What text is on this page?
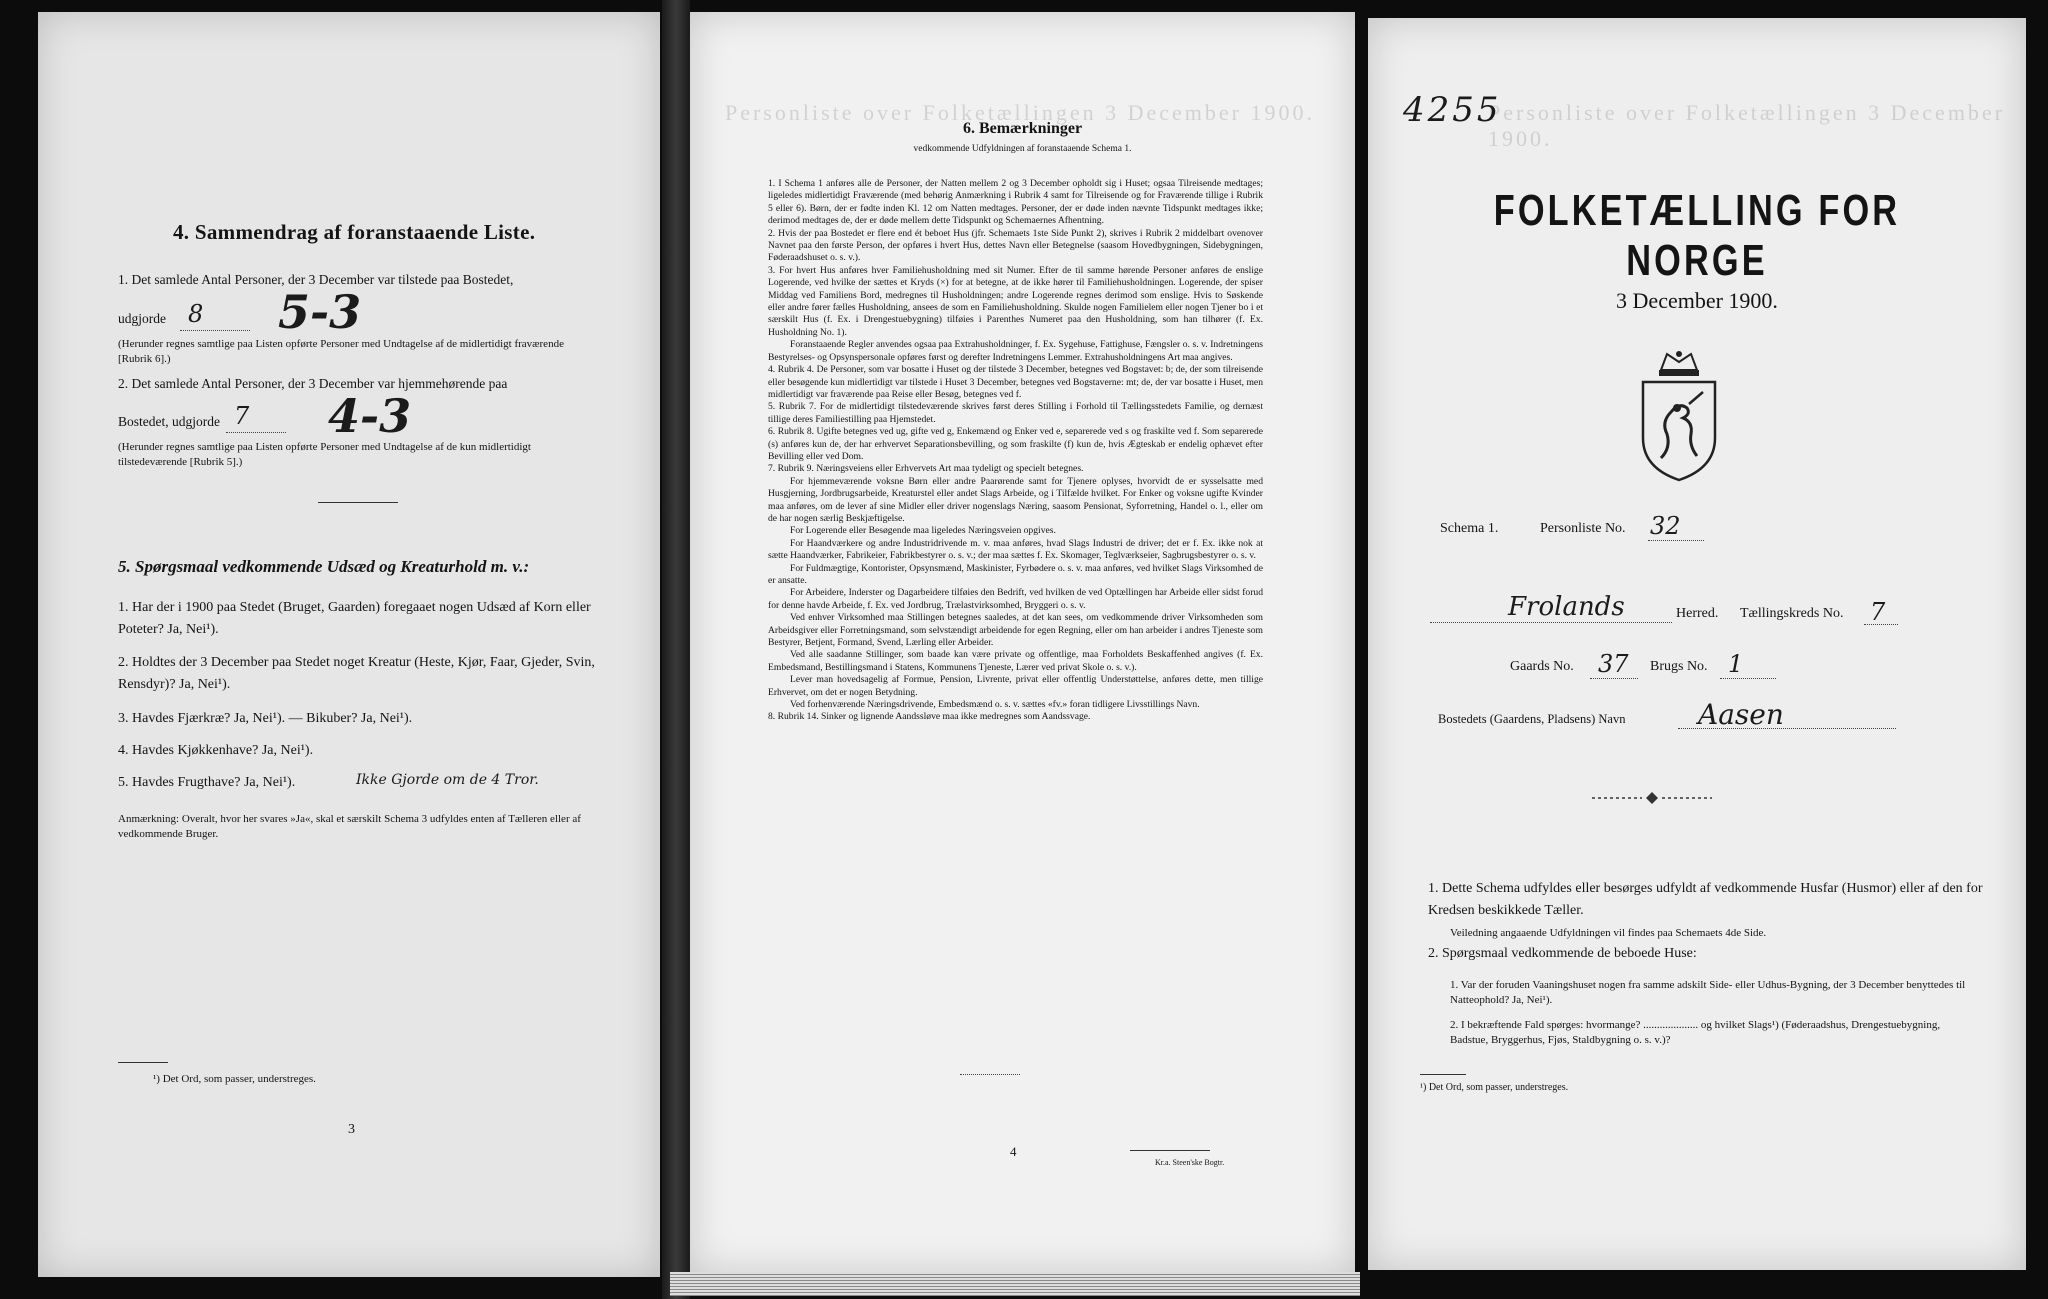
4. Sammendrag af foranstaaende Liste.
1. Det samlede Antal Personer, der 3 December var tilstede paa Bostedet,
udgjorde 8 5-3
(Herunder regnes samtlige paa Listen opførte Personer med Undtagelse af de midlertidigt fraværende [Rubrik 6].)
2. Det samlede Antal Personer, der 3 December var hjemmehørende paa
Bostedet, udgjorde 7 4-3
(Herunder regnes samtlige paa Listen opførte Personer med Undtagelse af de kun midlertidigt tilstedeværende [Rubrik 5].)
5. Spørgsmaal vedkommende Udsæd og Kreaturhold m. v.:
1. Har der i 1900 paa Stedet (Bruget, Gaarden) foregaaet nogen Udsæd af Korn eller Poteter? Ja, Nei¹).
2. Holdtes der 3 December paa Stedet noget Kreatur (Heste, Kjør, Faar, Gjeder, Svin, Rensdyr)? Ja, Nei¹).
3. Havdes Fjærkræ? Ja, Nei¹). — Bikuber? Ja, Nei¹).
4. Havdes Kjøkkenhave? Ja, Nei¹).
5. Havdes Frugthave? Ja, Nei¹).	Ikke Gjorde om de 4 Tror.
Anmærkning: Overalt, hvor her svares »Ja«, skal et særskilt Schema 3 udfyldes enten af Tælleren eller af vedkommende Bruger.
¹) Det Ord, som passer, understreges.
3
Personliste over Folketællingen 3 December 1900.
6. Bemærkninger
vedkommende Udfyldningen af foranstaaende Schema 1.

1. I Schema 1 anføres alle de Personer, der Natten mellem 2 og 3 December opholdt sig i Huset; ogsaa Tilreisende medtages; ligeledes midlertidigt Fraværende (med behørig Anmærkning i Rubrik 4 samt for Tilreisende og for Fraværende tillige i Rubrik 5 eller 6). Børn, der er fødte inden Kl. 12 om Natten medtages. Personer, der er døde inden nævnte Tidspunkt medtages ikke; derimod medtages de, der er døde mellem dette Tidspunkt og Schemaernes Afhentning.

2. Hvis der paa Bostedet er flere end ét beboet Hus (jfr. Schemaets 1ste Side Punkt 2), skrives i Rubrik 2 middelbart ovenover Navnet paa den første Person, der opføres i hvert Hus, dettes Navn eller Betegnelse (saasom Hovedbygningen, Sidebygningen, Føderaadshuset o. s. v.).

3. For hvert Hus anføres hver Familiehusholdning med sit Numer. Efter de til samme hørende Personer anføres de enslige Logerende, ved hvilke der sættes et Kryds (×) for at betegne, at de ikke hører til Familiehusholdningen. Logerende, der spiser Middag ved Familiens Bord, medregnes til Husholdningen; andre Logerende regnes derimod som enslige. Hvis to Søskende eller andre fører fælles Husholdning, ansees de som en Familiehusholdning. Skulde nogen Familielem eller nogen Tjener bo i et særskilt Hus (f. Ex. i Drengestuebygning) tilføies i Parenthes Numeret paa den Husholdning, som han tilhører (f. Ex. Husholdning No. 1).

Foranstaaende Regler anvendes ogsaa paa Extrahusholdninger, f. Ex. Sygehuse, Fattighuse, Fængsler o. s. v. Indretningens Bestyrelses- og Opsynspersonale opføres først og derefter Indretningens Lemmer. Extrahusholdningens Art maa angives.

4. Rubrik 4. De Personer, som var bosatte i Huset og der tilstede 3 December, betegnes ved Bogstavet: b; de, der som tilreisende eller besøgende kun midlertidigt var tilstede i Huset 3 December, betegnes ved Bogstaverne: mt; de, der var bosatte i Huset, men midlertidigt var fraværende paa Reise eller Besøg, betegnes ved f.

5. Rubrik 7. For de midlertidigt tilstedeværende skrives først deres Stilling i Forhold til Tællingsstedets Familie, og dernæst tillige deres Familiestilling paa Hjemstedet.

6. Rubrik 8. Ugifte betegnes ved ug, gifte ved g, Enkemænd og Enker ved e, separerede ved s og fraskilte ved f. Som separerede (s) anføres kun de, der har erhvervet Separationsbevilling, og som fraskilte (f) kun de, hvis Ægteskab er endelig ophævet efter Bevilling eller ved Dom.

7. Rubrik 9. Næringsveiens eller Erhvervets Art maa tydeligt og specielt betegnes.

For hjemmeværende voksne Børn eller andre Paarørende samt for Tjenere oplyses, hvorvidt de er sysselsatte med Husgjerning, Jordbrugsarbeide, Kreaturstel eller andet Slags Arbeide, og i Tilfælde hvilket. For Enker og voksne ugifte Kvinder maa anføres, om de lever af sine Midler eller driver nogenslags Næring, saasom Pensionat, Syforretning, Handel o. l., eller om de har nogen særlig Beskjæftigelse.

For Logerende eller Besøgende maa ligeledes Næringsveien opgives.

For Haandværkere og andre Industridrivende m. v. maa anføres, hvad Slags Industri de driver; det er f. Ex. ikke nok at sætte Haandværker, Fabrikeier, Fabrikbestyrer o. s. v.; der maa sættes f. Ex. Skomager, Teglværkseier, Sagbrugsbestyrer o. s. v.

For Fuldmægtige, Kontorister, Opsynsmænd, Maskinister, Fyrbødere o. s. v. maa anføres, ved hvilket Slags Virksomhed de er ansatte.

For Arbeidere, Inderster og Dagarbeidere tilføies den Bedrift, ved hvilken de ved Optællingen har Arbeide eller sidst forud for denne havde Arbeide, f. Ex. ved Jordbrug, Trælastvirksomhed, Bryggeri o. s. v.

Ved enhver Virksomhed maa Stillingen betegnes saaledes, at det kan sees, om vedkommende driver Virksomheden som Arbeidsgiver eller Forretningsmand, som selvstændigt arbeidende for egen Regning, eller om han arbeider i andres Tjeneste som Bestyrer, Betjent, Formand, Svend, Lærling eller Arbeider.

Ved alle saadanne Stillinger, som baade kan være private og offentlige, maa Forholdets Beskaffenhed angives (f. Ex. Embedsmand, Bestillingsmand i Statens, Kommunens Tjeneste, Lærer ved privat Skole o. s. v.).

Lever man hovedsagelig af Formue, Pension, Livrente, privat eller offentlig Understøttelse, anføres dette, men tillige Erhvervet, om det er nogen Betydning.

Ved forhenværende Næringsdrivende, Embedsmænd o. s. v. sættes «fv.» foran tidligere Livsstillings Navn.

8. Rubrik 14. Sinker og lignende Aandssløve maa ikke medregnes som Aandssvage.

4
Kr.a. Steen'ske Bogtr.
4255
Personliste over Folketællingen 3 December 1900.
FOLKETÆLLING FOR NORGE
3 December 1900.
Schema 1.	Personliste No. 32
Frolands	Herred. Tællingskreds No. 7
Gaards No. 37 Brugs No. 1
Bostedets (Gaardens, Pladsens) Navn	Aasen
1. Dette Schema udfyldes eller besørges udfyldt af vedkommende Husfar (Husmor) eller af den for Kredsen beskikkede Tæller.
Veiledning angaaende Udfyldningen vil findes paa Schemaets 4de Side.
2. Spørgsmaal vedkommende de beboede Huse:
1. Var der foruden Vaaningshuset nogen fra samme adskilt Side- eller Udhus-Bygning, der 3 December benyttedes til Natteophold? Ja, Nei¹).
2. I bekræftende Fald spørges: hvormange? .................... og hvilket Slags¹) (Føderaadshus, Drengestuebygning, Badstue, Bryggerhus, Fjøs, Staldbygning o. s. v.)?
¹) Det Ord, som passer, understreges.
